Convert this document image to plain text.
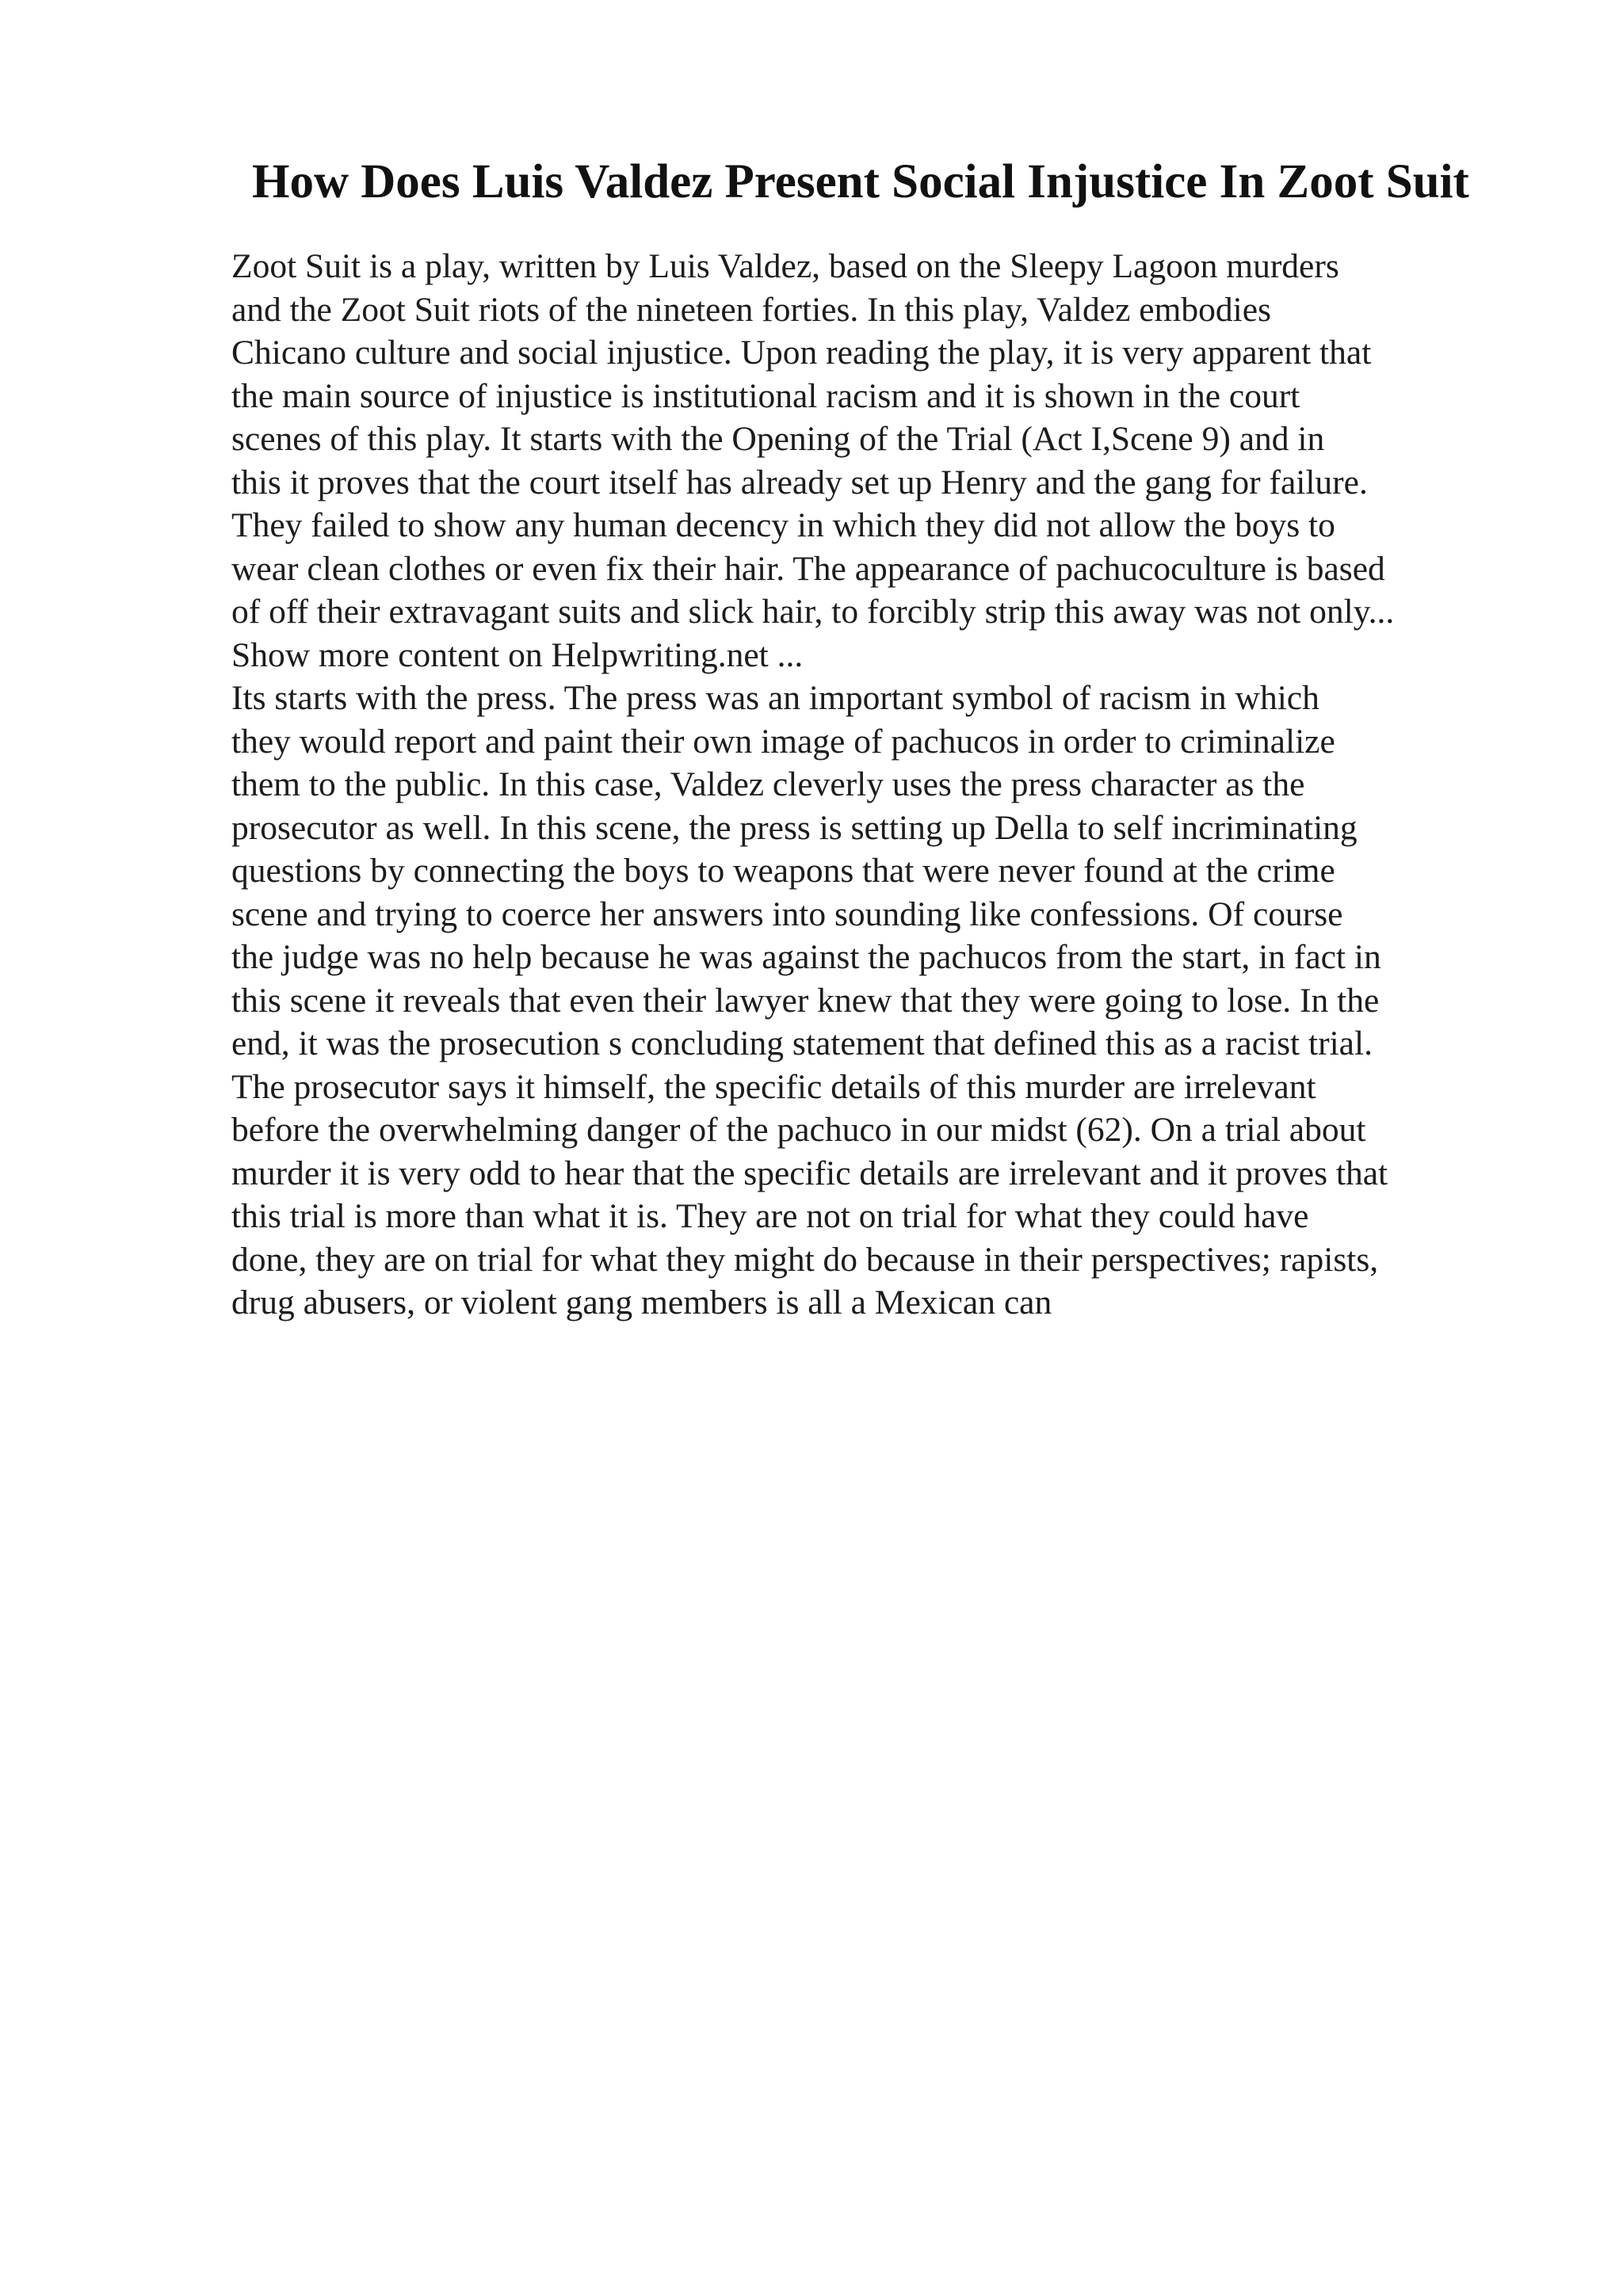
How Does Luis Valdez Present Social Injustice In Zoot Suit
Zoot Suit is a play, written by Luis Valdez, based on the Sleepy Lagoon murders
and the Zoot Suit riots of the nineteen forties. In this play, Valdez embodies
Chicano culture and social injustice. Upon reading the play, it is very apparent that
the main source of injustice is institutional racism and it is shown in the court
scenes of this play. It starts with the Opening of the Trial (Act I,Scene 9) and in
this it proves that the court itself has already set up Henry and the gang for failure.
They failed to show any human decency in which they did not allow the boys to
wear clean clothes or even fix their hair. The appearance of pachucoculture is based
of off their extravagant suits and slick hair, to forcibly strip this away was not only...
Show more content on Helpwriting.net ...
Its starts with the press. The press was an important symbol of racism in which
they would report and paint their own image of pachucos in order to criminalize
them to the public. In this case, Valdez cleverly uses the press character as the
prosecutor as well. In this scene, the press is setting up Della to self incriminating
questions by connecting the boys to weapons that were never found at the crime
scene and trying to coerce her answers into sounding like confessions. Of course
the judge was no help because he was against the pachucos from the start, in fact in
this scene it reveals that even their lawyer knew that they were going to lose. In the
end, it was the prosecution s concluding statement that defined this as a racist trial.
The prosecutor says it himself, the specific details of this murder are irrelevant
before the overwhelming danger of the pachuco in our midst (62). On a trial about
murder it is very odd to hear that the specific details are irrelevant and it proves that
this trial is more than what it is. They are not on trial for what they could have
done, they are on trial for what they might do because in their perspectives; rapists,
drug abusers, or violent gang members is all a Mexican can
